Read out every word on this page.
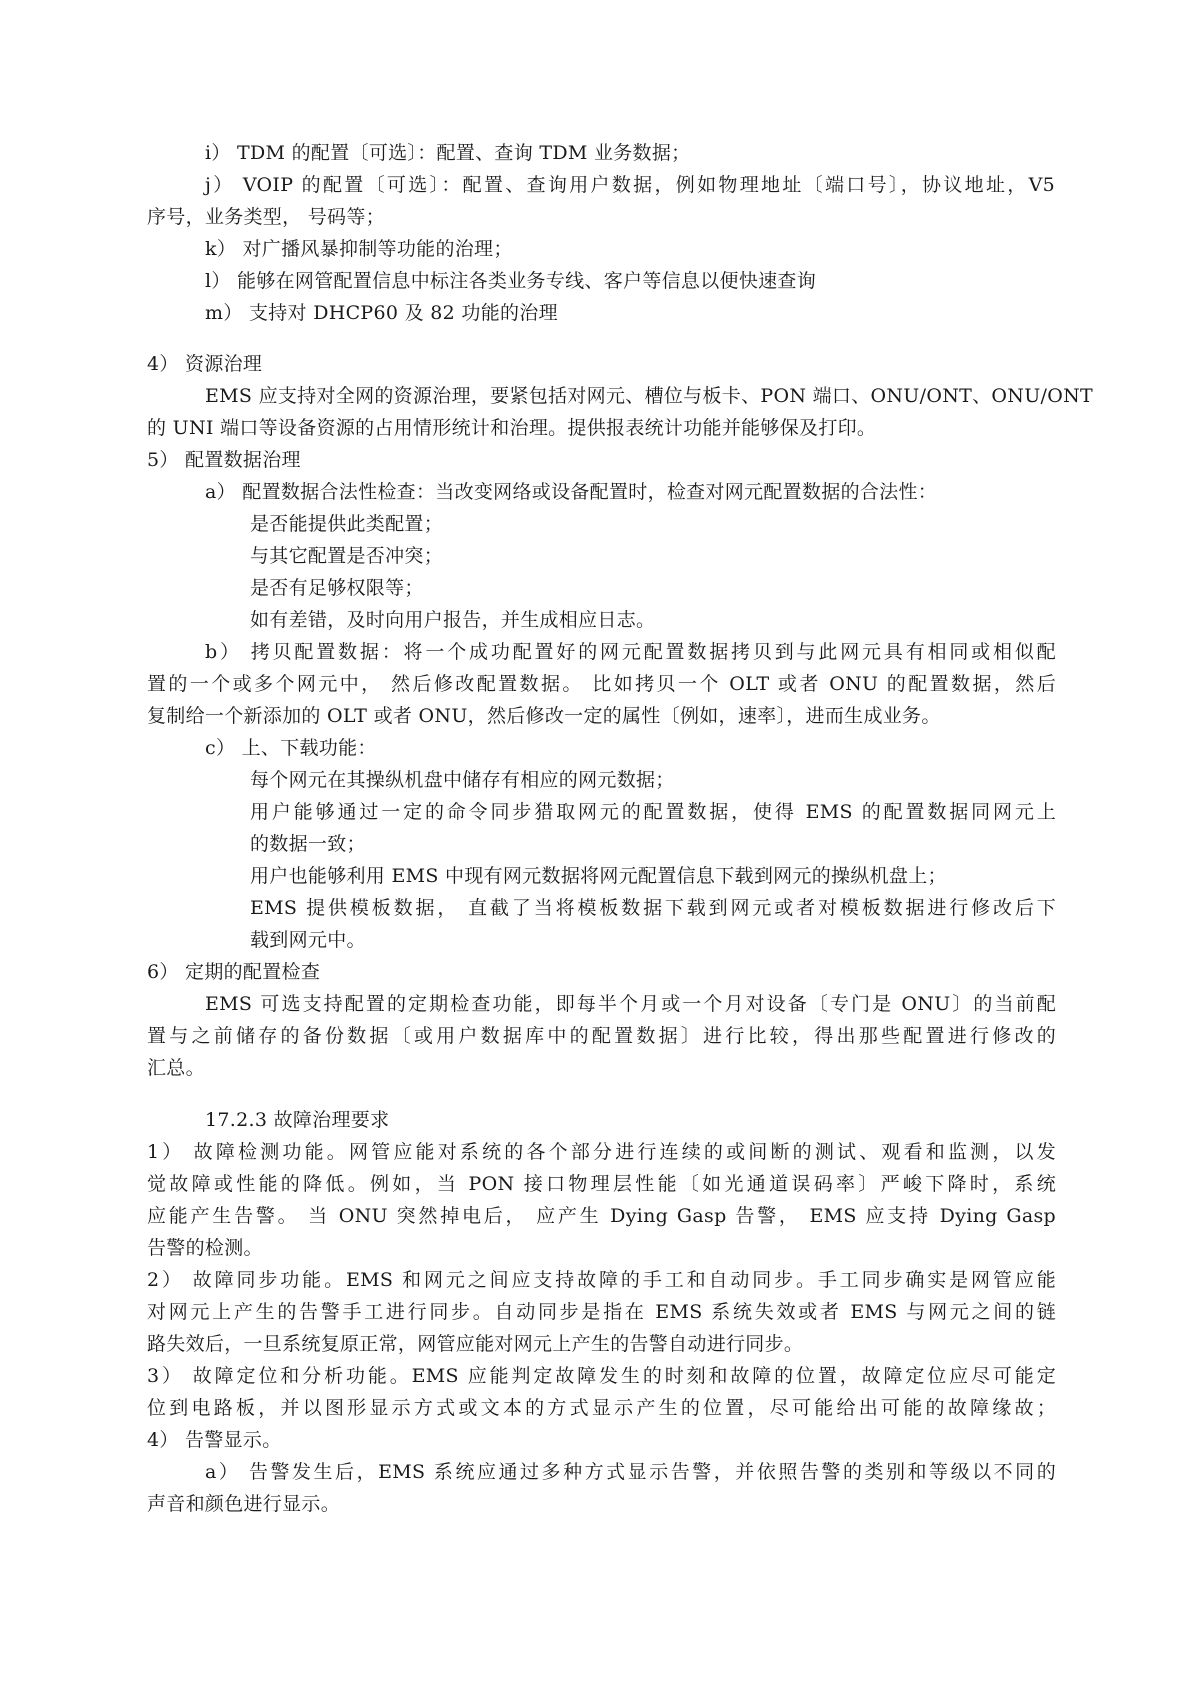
i） TDM 的配置〔可选〕：配置、查询 TDM 业务数据；
j） VOIP 的配置〔可选〕：配置、查询用户数据，例如物理地址〔端口号〕，协议地址，V5
序号，业务类型， 号码等；
k） 对广播风暴抑制等功能的治理；
l） 能够在网管配置信息中标注各类业务专线、客户等信息以便快速查询
m） 支持对 DHCP60 及 82 功能的治理
4） 资源治理
EMS 应支持对全网的资源治理，要紧包括对网元、槽位与板卡、PON 端口、ONU/ONT、ONU/ONT
的 UNI 端口等设备资源的占用情形统计和治理。提供报表统计功能并能够保及打印。
5） 配置数据治理
a） 配置数据合法性检查：当改变网络或设备配置时，检查对网元配置数据的合法性：
是否能提供此类配置；
与其它配置是否冲突；
是否有足够权限等；
如有差错，及时向用户报告，并生成相应日志。
b） 拷贝配置数据：将一个成功配置好的网元配置数据拷贝到与此网元具有相同或相似配
置的一个或多个网元中， 然后修改配置数据。 比如拷贝一个 OLT 或者 ONU 的配置数据，然后
复制给一个新添加的 OLT 或者 ONU，然后修改一定的属性〔例如，速率〕，进而生成业务。
c） 上、下载功能：
每个网元在其操纵机盘中储存有相应的网元数据；
用户能够通过一定的命令同步猎取网元的配置数据，使得 EMS 的配置数据同网元上
的数据一致；
用户也能够利用 EMS 中现有网元数据将网元配置信息下载到网元的操纵机盘上；
EMS 提供模板数据， 直截了当将模板数据下载到网元或者对模板数据进行修改后下
载到网元中。
6） 定期的配置检查
EMS 可选支持配置的定期检查功能，即每半个月或一个月对设备〔专门是 ONU〕的当前配
置与之前储存的备份数据〔或用户数据库中的配置数据〕进行比较，得出那些配置进行修改的
汇总。
17.2.3 故障治理要求
1） 故障检测功能。网管应能对系统的各个部分进行连续的或间断的测试、观看和监测，以发
觉故障或性能的降低。例如，当 PON 接口物理层性能〔如光通道误码率〕严峻下降时，系统
应能产生告警。 当 ONU 突然掉电后， 应产生 Dying Gasp 告警， EMS 应支持 Dying Gasp
告警的检测。
2） 故障同步功能。EMS 和网元之间应支持故障的手工和自动同步。手工同步确实是网管应能
对网元上产生的告警手工进行同步。自动同步是指在 EMS 系统失效或者 EMS 与网元之间的链
路失效后，一旦系统复原正常，网管应能对网元上产生的告警自动进行同步。
3） 故障定位和分析功能。EMS 应能判定故障发生的时刻和故障的位置，故障定位应尽可能定
位到电路板，并以图形显示方式或文本的方式显示产生的位置，尽可能给出可能的故障缘故；
4） 告警显示。
a） 告警发生后，EMS 系统应通过多种方式显示告警，并依照告警的类别和等级以不同的
声音和颜色进行显示。
